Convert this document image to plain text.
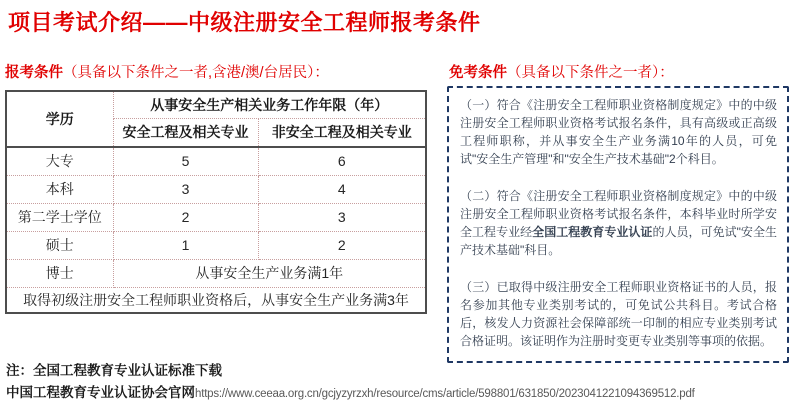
项目考试介绍——中级注册安全工程师报考条件
报考条件（具备以下条件之一者,含港/澳/台居民）：	免考条件（具备以下条件之一者）：
学历	从事安全生产相关业务工作年限（年）	
	安全工程及相关专业	非安全工程及相关专业
大专	5	6
本科	3	4
第二学士学位	2	3
硕士	1	2
博士	从事安全生产业务满1年	
取得初级注册安全工程师职业资格后，从事安全生产业务满3年		

（一）符合《注册安全工程师职业资格制度规定》中的中级注册安全工程师职业资格考试报名条件，具有高级或正高级工程师职称，并从事安全生产业务满10年的人员，可免试"安全生产管理"和"安全生产技术基础"2个科目。

（二）符合《注册安全工程师职业资格制度规定》中的中级注册安全工程师职业资格考试报名条件，本科毕业时所学安全工程专业经全国工程教育专业认证的人员，可免试"安全生产技术基础"科目。

（三）已取得中级注册安全工程师职业资格证书的人员，报名参加其他专业类别考试的，可免试公共科目。考试合格后，核发人力资源社会保障部统一印制的相应专业类别考试合格证明。该证明作为注册时变更专业类别等事项的依据。

注：全国工程教育专业认证标准下载
中国工程教育专业认证协会官网https://www.ceeaa.org.cn/gcjyzyrzxh/resource/cms/article/598801/631850/2023041221094369512.pdf
